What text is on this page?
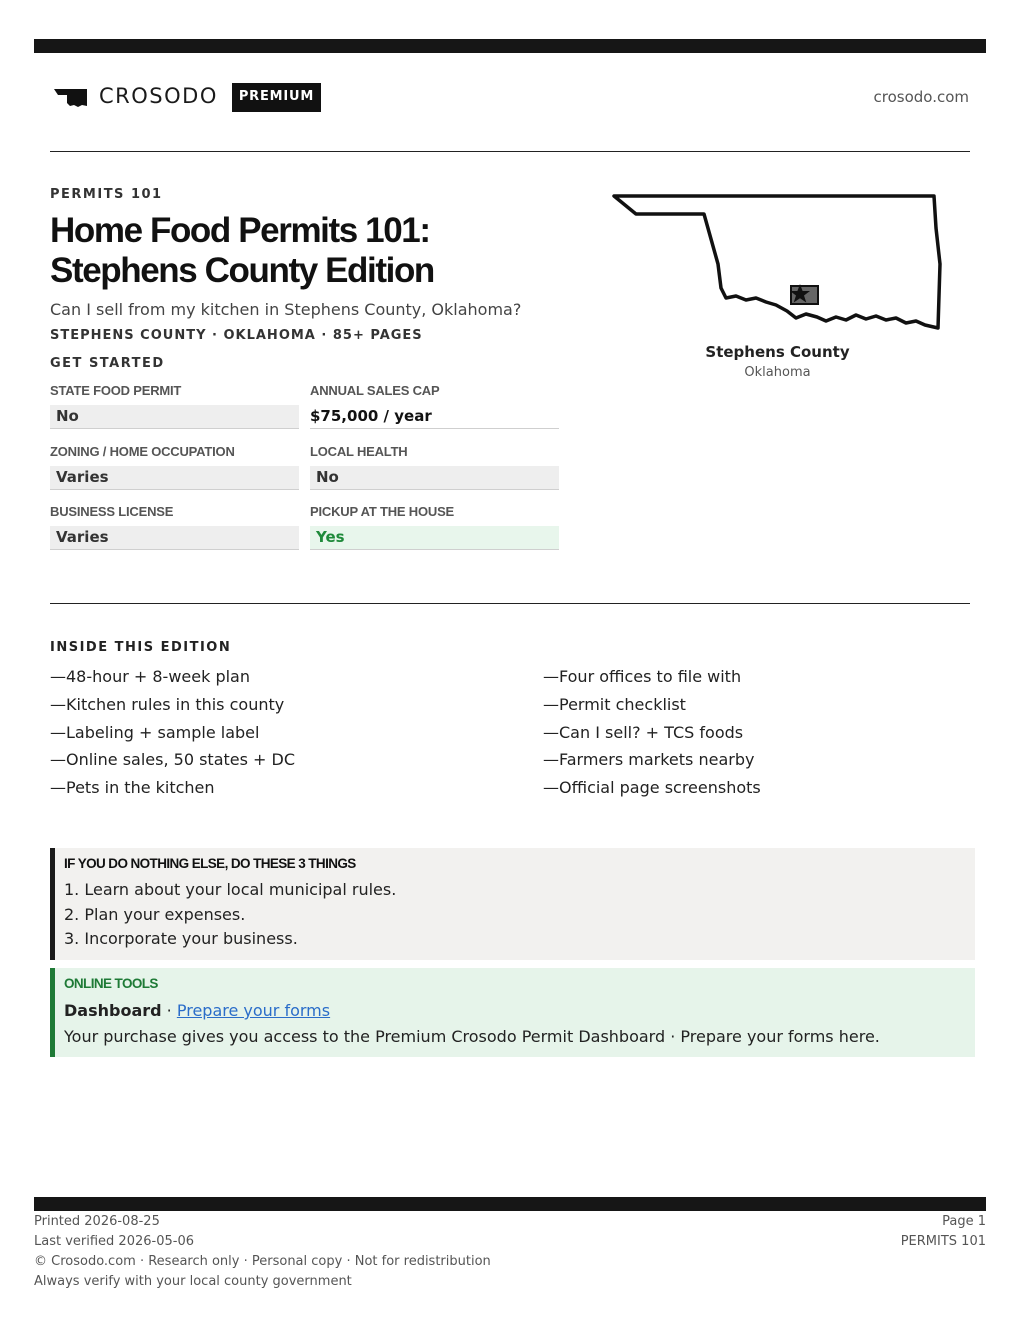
CROSODO	PREMIUM	crosodo.com
PERMITS 101
Home Food Permits 101:
Stephens County Edition
Can I sell from my kitchen in Stephens County, Oklahoma?
STEPHENS COUNTY · OKLAHOMA · 85+ PAGES
GET STARTED
STATE FOOD PERMIT
No
ANNUAL SALES CAP
$75,000 / year
ZONING / HOME OCCUPATION
Varies
LOCAL HEALTH
No
BUSINESS LICENSE
Varies
PICKUP AT THE HOUSE
Yes
Stephens County
Oklahoma
INSIDE THIS EDITION
—48-hour + 8-week plan
—Kitchen rules in this county
—Labeling + sample label
—Online sales, 50 states + DC
—Pets in the kitchen
—Four offices to file with
—Permit checklist
—Can I sell? + TCS foods
—Farmers markets nearby
—Official page screenshots
IF YOU DO NOTHING ELSE, DO THESE 3 THINGS
1. Learn about your local municipal rules.
2. Plan your expenses.
3. Incorporate your business.
ONLINE TOOLS
Dashboard · Prepare your forms
Your purchase gives you access to the Premium Crosodo Permit Dashboard · Prepare your forms here.
Printed 2026-08-25
Last verified 2026-05-06
© Crosodo.com · Research only · Personal copy · Not for redistribution
Always verify with your local county government
Page 1
PERMITS 101
